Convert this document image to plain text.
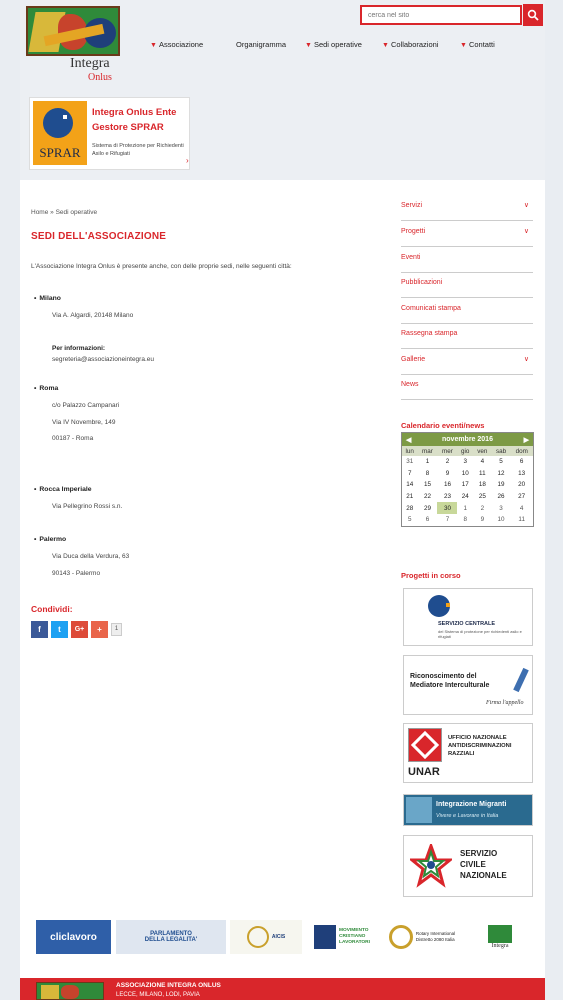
Integra
Onlus
cerca nel sito
▼ Associazione	Organigramma	▼ Sedi operative	▼ Collaborazioni	▼ Contatti
SPRAR
Integra Onlus Ente
Gestore SPRAR
Sistema di Protezione per Richiedenti Asilo e Rifugiati
›
Home » Sedi operative
SEDI DELL'ASSOCIAZIONE
L'Associazione Integra Onlus è presente anche, con delle proprie sedi, nelle seguenti città:
• Milano
Via A. Algardi, 20148 Milano
Per informazioni:
segreteria@associazioneintegra.eu
• Roma
c/o Palazzo Campanari
Via IV Novembre, 149
00187 - Roma
• Rocca Imperiale
Via Pellegrino Rossi s.n.
• Palermo
Via Duca della Verdura, 63
90143 - Palermo
Condividi:
f t G+ +	1
Servizi	∨
Progetti	∨
Eventi
Pubblicazioni
Comunicati stampa
Rassegna stampa
Gallerie	∨
News
Calendario eventi/news
◀	novembre 2016	▶
lun	mar	mer	gio	ven	sab	dom
31	1	2	3	4	5	6
7	8	9	10	11	12	13
14	15	16	17	18	19	20
21	22	23	24	25	26	27
28	29	30	1	2	3	4
5	6	7	8	9	10	11
Progetti in corso
SERVIZIO CENTRALE
del Sistema di protezione per richiedenti asilo e rifugiati
Riconoscimento del
Mediatore Interculturale
Firma l'appello
UFFICIO NAZIONALE
ANTIDISCRIMINAZIONI
RAZZIALI
UNAR
Integrazione Migranti
Vivere e Lavorare in Italia
SERVIZIO
CIVILE
NAZIONALE
cliclavoro	PARLAMENTO
DELLA LEGALITA'	AICIS
MOVIMENTO
CRISTIANO
LAVORATORI
Rotary International
Distretto 2080 Italia
Integra
ASSOCIAZIONE INTEGRA ONLUS
LECCE, MILANO, LODI, PAVIA
